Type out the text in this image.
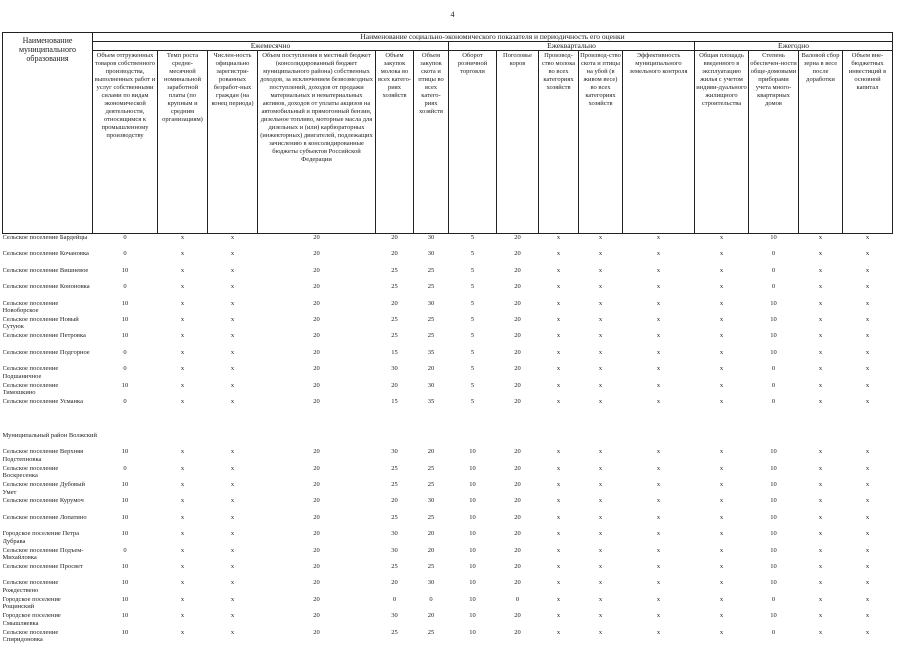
4
Наименование муниципального образования	Наименование социально-экономического показателя и периодичность его оценки														
	Ежемесячно						Ежеквартально					Ежегодно			
	Объем отгруженных товаров собственного производства, выполненных работ и услуг собственными силами по видам экономической деятельности, относящимся к промышленному производству	Темп роста средне-месячной номинальной заработной платы (по крупным и средним организациям)	Числен-ность официально зарегистри-рованных безработ-ных граждан (на конец периода)	Объем поступления в местный бюджет (консолидированный бюджет муниципального района) собственных доходов, за исключением безвозмездных поступлений, доходов от продажи материальных и нематериальных активов, доходов от уплаты акцизов на автомобильный и прямогонный бензин, дизельное топливо, моторные масла для дизельных и (или) карбюраторных (инжекторных) двигателей, подлежащих зачислению в консолидированные бюджеты субъектов Российской Федерации	Объем закупок молока во всех катего-риях хозяйств	Объем закупок скота и птицы во всех катего-риях хозяйств	Оборот розничной торговли	Поголовье коров	Производ-ство молока во всех категориях хозяйств	Производ-ство скота и птицы на убой (в живом весе) во всех категориях хозяйств	Эффективность муниципального земельного контроля	Общая площадь введенного в эксплуатацию жилья с учетом индиви-дуального жилищного строительства	Степень обеспечен-ности обще-домовыми приборами учета много-квартирных домов	Валовой сбор зерна в весе после доработки	Объем вне-бюджетных инвестиций в основной капитал
Сельское поселение Бардейцы	0	x	x	20	20	30	5	20	x	x	x	x	10	x	x
Сельское поселение Кочановка	0	x	x	20	20	30	5	20	x	x	x	x	0	x	x
Сельское поселение Вишневое	10	x	x	20	25	25	5	20	x	x	x	x	0	x	x
Сельское поселение Кононовка	0	x	x	20	25	25	5	20	x	x	x	x	0	x	x
Сельское поселение Новоборское	10	x	x	20	20	30	5	20	x	x	x	x	10	x	x
Сельское поселение Новый Сутуюк	10	x	x	20	25	25	5	20	x	x	x	x	10	x	x
Сельское поселение Петровка	10	x	x	20	25	25	5	20	x	x	x	x	10	x	x
Сельское поселение Подгорное	0	x	x	20	15	35	5	20	x	x	x	x	10	x	x
Сельское поселение Подшаничное	0	x	x	20	30	20	5	20	x	x	x	x	0	x	x
Сельское поселение Тимошкино	10	x	x	20	20	30	5	20	x	x	x	x	0	x	x
Сельское поселение Усманка	0	x	x	20	15	35	5	20	x	x	x	x	0	x	x

Муниципальный район Волжский															
Сельское поселение Верхняя Подстепновка	10	x	x	20	30	20	10	20	x	x	x	x	10	x	x
Сельское поселение Воскресенка	0	x	x	20	25	25	10	20	x	x	x	x	10	x	x
Сельское поселение Дубовый Умет	10	x	x	20	25	25	10	20	x	x	x	x	10	x	x
Сельское поселение Курумоч	10	x	x	20	20	30	10	20	x	x	x	x	10	x	x
Сельское поселение Лопатино	10	x	x	20	25	25	10	20	x	x	x	x	10	x	x
Городское поселение Петра Дубрава	10	x	x	20	30	20	10	20	x	x	x	x	10	x	x
Сельское поселение Подъем-Михайловка	0	x	x	20	30	20	10	20	x	x	x	x	10	x	x
Сельское поселение Просвет	10	x	x	20	25	25	10	20	x	x	x	x	10	x	x
Сельское поселение Рождествено	10	x	x	20	20	30	10	20	x	x	x	x	10	x	x
Городское поселение Рощинский	10	x	x	20	0	0	10	0	x	x	x	x	0	x	x
Городское поселение Смышляевка	10	x	x	20	30	20	10	20	x	x	x	x	10	x	x
Сельское поселение Спиридоновка	10	x	x	20	25	25	10	20	x	x	x	x	0	x	x
